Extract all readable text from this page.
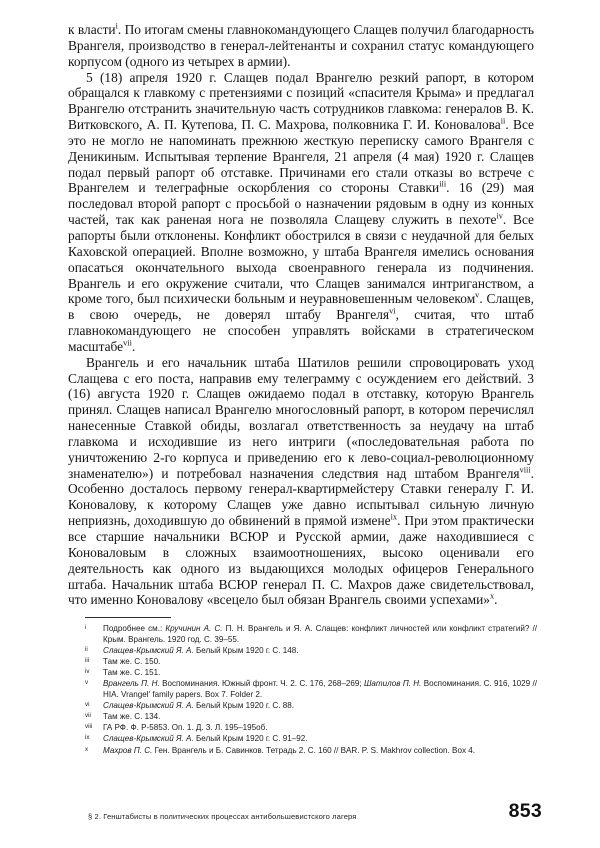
к власти$^i$. По итогам смены главнокомандующего Слащев получил благодарность Врангеля, производство в генерал-лейтенанты и сохранил статус командующего корпусом (одного из четырех в армии).

5 (18) апреля 1920 г. Слащев подал Врангелю резкий рапорт, в котором обращался к главкому с претензиями с позиций «спасителя Крыма» и предлагал Врангелю отстранить значительную часть сотрудников главкома: генералов В. К. Витковского, А. П. Кутепова, П. С. Махрова, полковника Г. И. Коновалова$^{ii}$. Все это не могло не напоминать прежнюю жесткую переписку самого Врангеля с Деникиным. Испытывая терпение Врангеля, 21 апреля (4 мая) 1920 г. Слащев подал первый рапорт об отставке. Причинами его стали отказы во встрече с Врангелем и телеграфные оскорбления со стороны Ставки$^{iii}$. 16 (29) мая последовал второй рапорт с просьбой о назначении рядовым в одну из конных частей, так как раненая нога не позволяла Слащеву служить в пехоте$^{iv}$. Все рапорты были отклонены. Конфликт обострился в связи с неудачной для белых Каховской операцией. Вполне возможно, у штаба Врангеля имелись основания опасаться окончательного выхода своенравного генерала из подчинения. Врангель и его окружение считали, что Слащев занимался интриганством, а кроме того, был психически больным и неуравновешенным человеком$^v$. Слащев, в свою очередь, не доверял штабу Врангеля$^{vi}$, считая, что штаб главнокомандующего не способен управлять войсками в стратегическом масштабе$^{vii}$.

Врангель и его начальник штаба Шатилов решили спровоцировать уход Слащева с его поста, направив ему телеграмму с осуждением его действий. 3 (16) августа 1920 г. Слащев ожидаемо подал в отставку, которую Врангель принял. Слащев написал Врангелю многословный рапорт, в котором перечислял нанесенные Ставкой обиды, возлагал ответственность за неудачу на штаб главкома и исходившие из него интриги («последовательная работа по уничтожению 2-го корпуса и приведению его к лево-социал-революционному знаменателю») и потребовал назначения следствия над штабом Врангеля$^{viii}$. Особенно досталось первому генерал-квартирмейстеру Ставки генералу Г. И. Коновалову, к которому Слащев уже давно испытывал сильную личную неприязнь, доходившую до обвинений в прямой измене$^{ix}$. При этом практически все старшие начальники ВСЮР и Русской армии, даже находившиеся с Коноваловым в сложных взаимоотношениях, высоко оценивали его деятельность как одного из выдающихся молодых офицеров Генерального штаба. Начальник штаба ВСЮР генерал П. С. Махров даже свидетельствовал, что именно Коновалову «всецело был обязан Врангель своими успехами»$^x$.

i	Подробнее см.: Кручинин А. С. П. Н. Врангель и Я. А. Слащев: конфликт личностей или конфликт стратегий? // Крым. Врангель. 1920 год. С. 39–55.
ii	Слащев-Крымский Я. А. Белый Крым 1920 г. С. 148.
iii	Там же. С. 150.
iv	Там же. С. 151.
v	Врангель П. Н. Воспоминания. Южный фронт. Ч. 2. С. 176, 268–269; Шатилов П. Н. Воспоминания. С. 916, 1029 // HIA. Vrangel' family papers. Box 7. Folder 2.
vi	Слащев-Крымский Я. А. Белый Крым 1920 г. С. 88.
vii	Там же. С. 134.
viii	ГА РФ. Ф. Р-5853. Оп. 1. Д. 3. Л. 195–195об.
ix	Слащев-Крымский Я. А. Белый Крым 1920 г. С. 91–92.
x	Махров П. С. Ген. Врангель и Б. Савинков. Тетрадь 2. С. 160 // BAR. P. S. Makhrov collection. Box 4.
§ 2. Генштабисты в политических процессах антибольшевистского лагеря	853
